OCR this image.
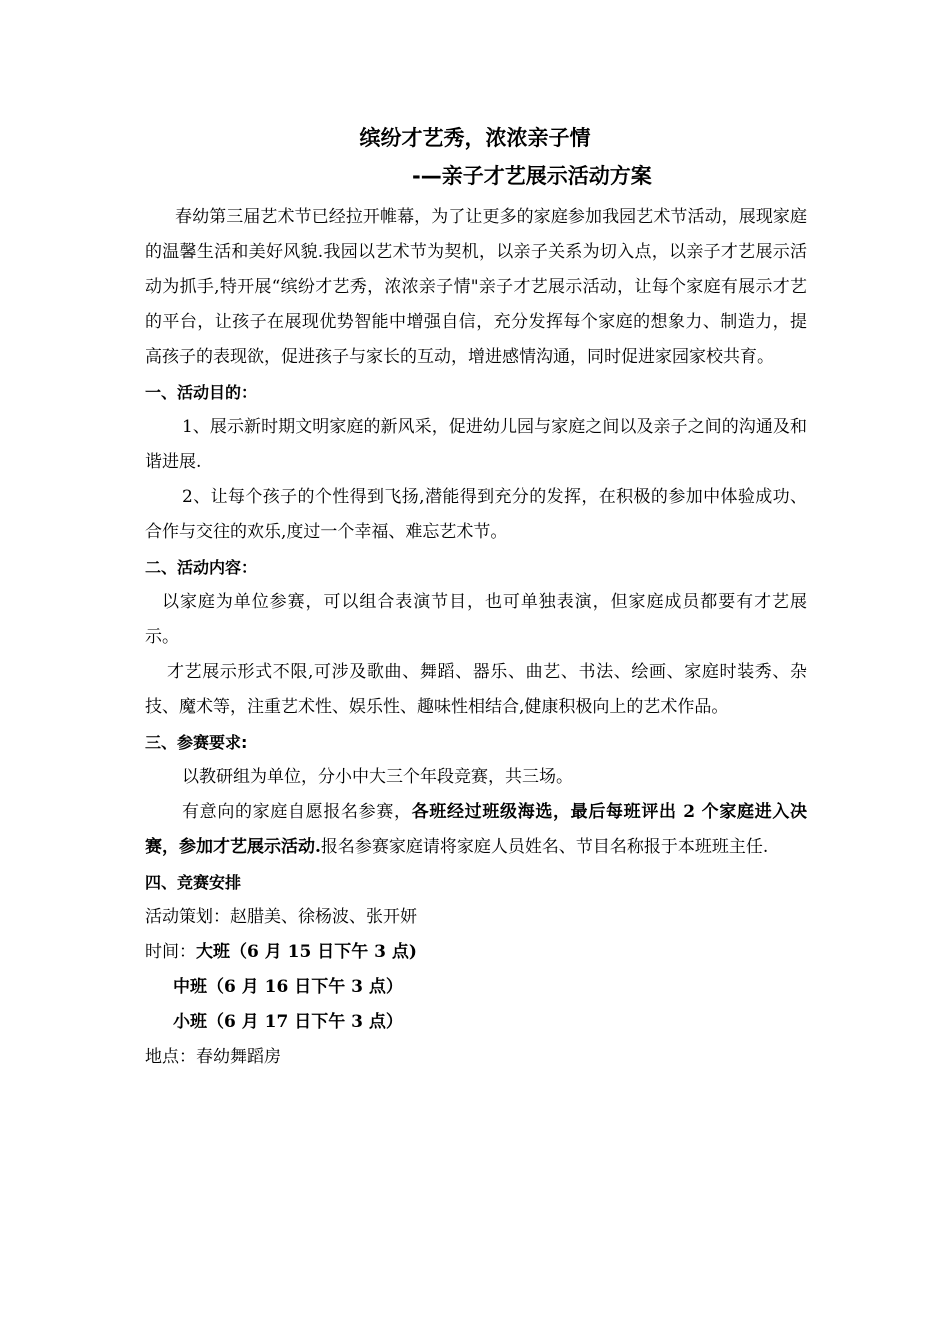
缤纷才艺秀，浓浓亲子情
-—亲子才艺展示活动方案

春幼第三届艺术节已经拉开帷幕，为了让更多的家庭参加我园艺术节活动，展现家庭的温馨生活和美好风貌.我园以艺术节为契机，以亲子关系为切入点，以亲子才艺展示活动为抓手,特开展“缤纷才艺秀，浓浓亲子情"亲子才艺展示活动，让每个家庭有展示才艺的平台，让孩子在展现优势智能中增强自信，充分发挥每个家庭的想象力、制造力，提高孩子的表现欲，促进孩子与家长的互动，增进感情沟通，同时促进家园家校共育。

一、活动目的：

1、展示新时期文明家庭的新风采，促进幼儿园与家庭之间以及亲子之间的沟通及和谐进展.

2、让每个孩子的个性得到飞扬,潜能得到充分的发挥，在积极的参加中体验成功、合作与交往的欢乐,度过一个幸福、难忘艺术节。

二、活动内容：

以家庭为单位参赛，可以组合表演节目，也可单独表演，但家庭成员都要有才艺展示。

才艺展示形式不限,可涉及歌曲、舞蹈、器乐、曲艺、书法、绘画、家庭时装秀、杂技、魔术等，注重艺术性、娱乐性、趣味性相结合,健康积极向上的艺术作品。

三、参赛要求:

以教研组为单位，分小中大三个年段竞赛，共三场。

有意向的家庭自愿报名参赛，各班经过班级海选，最后每班评出 2 个家庭进入决赛，参加才艺展示活动.报名参赛家庭请将家庭人员姓名、节目名称报于本班班主任.

四、竞赛安排

活动策划：赵腊美、徐杨波、张开妍

时间：大班（6 月 15 日下午 3 点)

中班（6 月 16 日下午 3 点）

小班（6 月 17 日下午 3 点）

地点：春幼舞蹈房
